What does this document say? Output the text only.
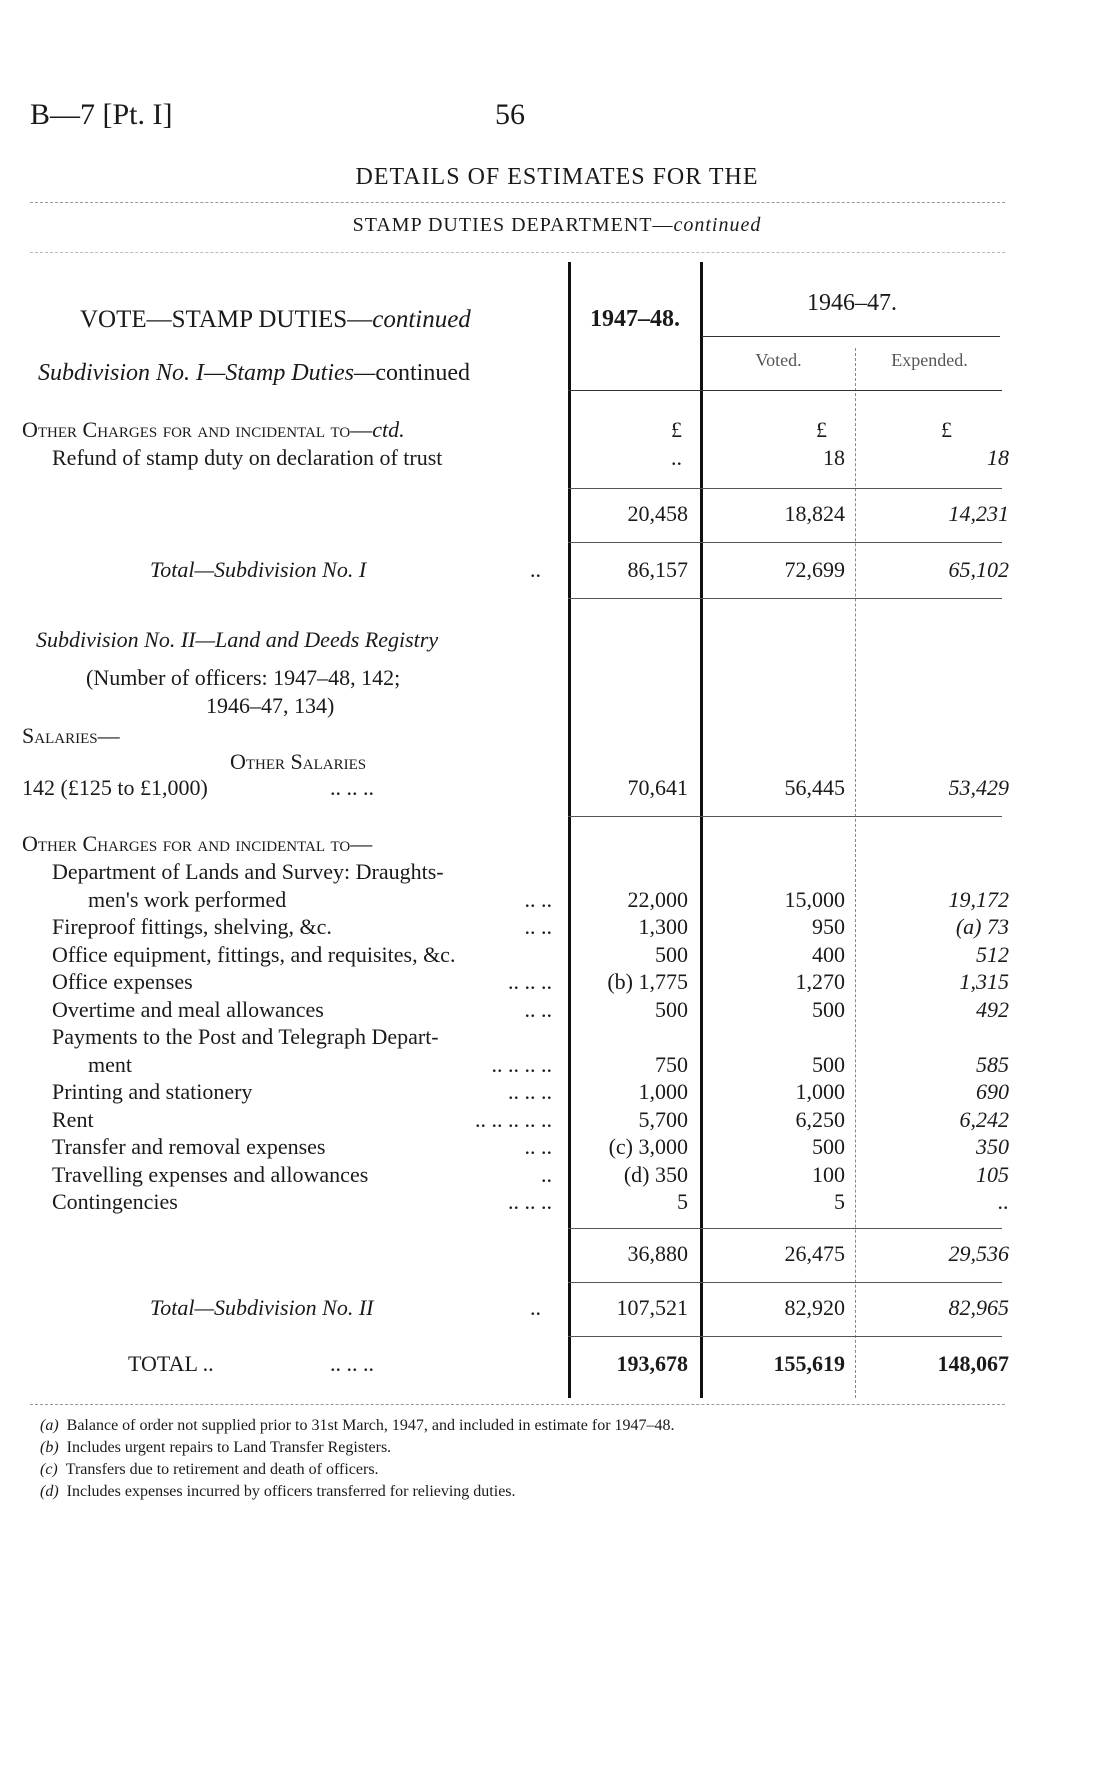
B—7 [Pt. I]	56
DETAILS OF ESTIMATES FOR THE
STAMP DUTIES DEPARTMENT—continued
VOTE—STAMP DUTIES—continued
Subdivision No. I—Stamp Duties—continued
1947–48.
1946–47.
Voted.	Expended.
Other Charges for and incidental to—ctd.	£	£	£
Refund of stamp duty on declaration of trust	..	18	18
20,458	18,824	14,231
Total—Subdivision No. I	..	86,157	72,699	65,102
Subdivision No. II—Land and Deeds Registry
(Number of officers: 1947–48, 142;
1946–47, 134)
Salaries—
Other Salaries
142 (£125 to £1,000)	.. .. ..	70,641	56,445	53,429
Other Charges for and incidental to—
Department of Lands and Survey: Draughts-
men's work performed	.. ..	22,000	15,000	19,172
Fireproof fittings, shelving, &c.	.. ..	1,300	950	(a) 73
Office equipment, fittings, and requisites, &c.	500	400	512
Office expenses	.. .. ..	(b) 1,775	1,270	1,315
Overtime and meal allowances	.. ..	500	500	492
Payments to the Post and Telegraph Depart-
ment	.. .. .. ..	750	500	585
Printing and stationery	.. .. ..	1,000	1,000	690
Rent	.. .. .. .. ..	5,700	6,250	6,242
Transfer and removal expenses	.. ..	(c) 3,000	500	350
Travelling expenses and allowances	..	(d) 350	100	105
Contingencies	.. .. ..	5	5	..
36,880	26,475	29,536
Total—Subdivision No. II	..	107,521	82,920	82,965
TOTAL ..	.. .. ..	193,678	155,619	148,067
(a) Balance of order not supplied prior to 31st March, 1947, and included in estimate for 1947–48.
(b) Includes urgent repairs to Land Transfer Registers.
(c) Transfers due to retirement and death of officers.
(d) Includes expenses incurred by officers transferred for relieving duties.
